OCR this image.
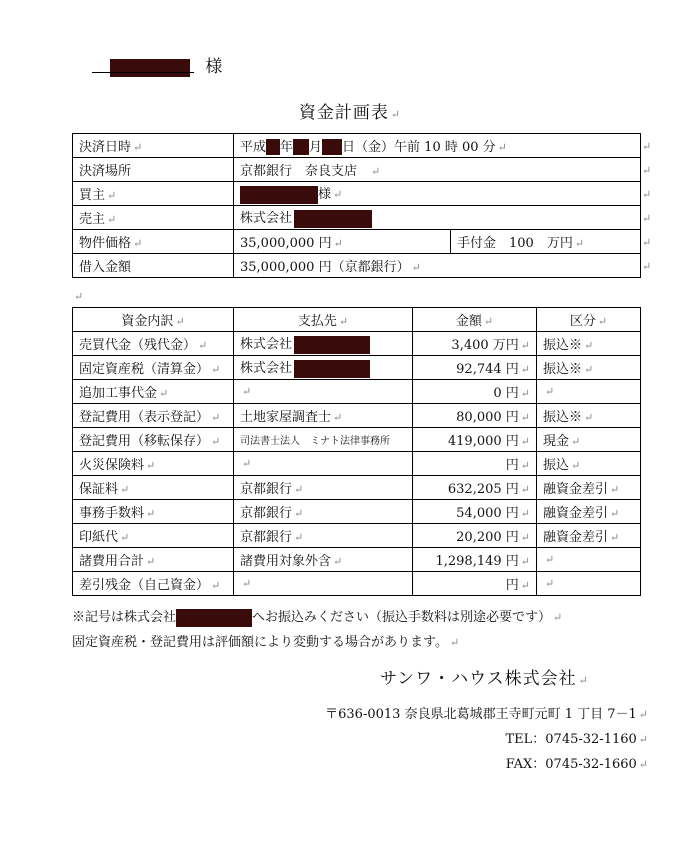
様
資金計画表 ↵
決済日時 ↵	平成 年 月 日（金）午前 10 時 00 分 ↵	
決済場所	京都銀行　奈良支店 ↵	
買主 ↵	様 ↵	
売主 ↵	株式会社	
物件価格 ↵	35,000,000 円 ↵	手付金　100　万円 ↵
借入金額	35,000,000 円（京都銀行） ↵	
↵
↵
↵
↵
↵
↵
↵
資金内訳 ↵	支払先 ↵	金額 ↵	区分 ↵
売買代金（残代金） ↵	株式会社	3,400 万円 ↵	振込※ ↵
固定資産税（清算金） ↵	株式会社	92,744 円 ↵	振込※ ↵
追加工事代金 ↵	↵	0 円 ↵	↵
登記費用（表示登記） ↵	土地家屋調査士 ↵	80,000 円 ↵	振込※ ↵
登記費用（移転保存） ↵	司法書士法人　ミナト法律事務所	419,000 円 ↵	現金 ↵
火災保険料 ↵	↵	円 ↵	振込 ↵
保証料 ↵	京都銀行 ↵	632,205 円 ↵	融資金差引 ↵
事務手数料 ↵	京都銀行 ↵	54,000 円 ↵	融資金差引 ↵
印紙代 ↵	京都銀行 ↵	20,200 円 ↵	融資金差引 ↵
諸費用合計 ↵	諸費用対象外含 ↵	1,298,149 円 ↵	↵
差引残金（自己資金） ↵	↵	円 ↵	↵
※記号は株式会社	へお振込みください（振込手数料は別途必要です） ↵
固定資産税・登記費用は評価額により変動する場合があります。 ↵
サンワ・ハウス株式会社 ↵
〒636-0013 奈良県北葛城郡王寺町元町 1 丁目 7－1 ↵
TEL：0745-32-1160 ↵
FAX：0745-32-1660 ↵
